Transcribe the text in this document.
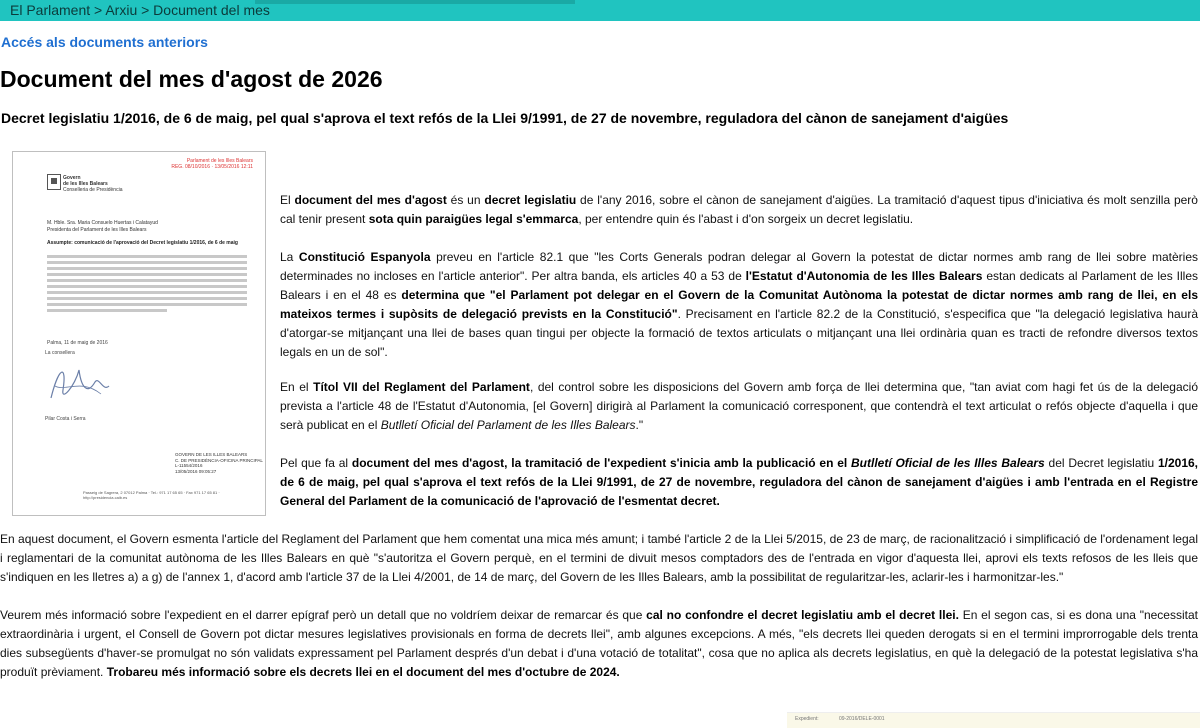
El Parlament > Arxiu > Document del mes
Accés als documents anteriors
Document del mes d'agost de 2026
Decret legislatiu 1/2016, de 6 de maig, pel qual s'aprova el text refós de la Llei 9/1991, de 27 de novembre, reguladora del cànon de sanejament d'aigües
Parlament de les Illes Balears
REG. 08/10/2016 · 13/05/2016 12:11
Govern
de les Illes Balears
Conselleria de Presidència
M. Hble. Sra. Maria Consuelo Huertas i Calatayud
Presidenta del Parlament de les Illes Balears
Assumpte: comunicació de l'aprovació del Decret legislatiu 1/2016, de 6 de maig
Palma, 11 de maig de 2016
La consellera
Pilar Costa i Serra
GOVERN DE LES ILLES BALEARS
C. DE PRESIDÈNCIA-OFICINA PRINCIPAL
L-11554/2016
13/05/2016 09:05:27
Passeig de Sagrera, 2 07012 Palma · Tel.: 971 17 65 65 · Fax 971 17 65 81 · http://presidencia.caib.es

El document del mes d'agost és un decret legislatiu de l'any 2016, sobre el cànon de sanejament d'aigües. La tramitació d'aquest tipus d'iniciativa és molt senzilla però cal tenir present sota quin paraigües legal s'emmarca, per entendre quin és l'abast i d'on sorgeix un decret legislatiu.

La Constitució Espanyola preveu en l'article 82.1 que "les Corts Generals podran delegar al Govern la potestat de dictar normes amb rang de llei sobre matèries determinades no incloses en l'article anterior". Per altra banda, els articles 40 a 53 de l'Estatut d'Autonomia de les Illes Balears estan dedicats al Parlament de les Illes Balears i en el 48 es determina que "el Parlament pot delegar en el Govern de la Comunitat Autònoma la potestat de dictar normes amb rang de llei, en els mateixos termes i supòsits de delegació prevists en la Constitució". Precisament en l'article 82.2 de la Constitució, s'especifica que "la delegació legislativa haurà d'atorgar-se mitjançant una llei de bases quan tingui per objecte la formació de textos articulats o mitjançant una llei ordinària quan es tracti de refondre diversos textos legals en un de sol".

En el Títol VII del Reglament del Parlament, del control sobre les disposicions del Govern amb força de llei determina que, "tan aviat com hagi fet ús de la delegació prevista a l'article 48 de l'Estatut d'Autonomia, [el Govern] dirigirà al Parlament la comunicació corresponent, que contendrà el text articulat o refós objecte d'aquella i que serà publicat en el Butlletí Oficial del Parlament de les Illes Balears."

Pel que fa al document del mes d'agost, la tramitació de l'expedient s'inicia amb la publicació en el Butlletí Oficial de les Illes Balears del Decret legislatiu 1/2016, de 6 de maig, pel qual s'aprova el text refós de la Llei 9/1991, de 27 de novembre, reguladora del cànon de sanejament d'aigües i amb l'entrada en el Registre General del Parlament de la comunicació de l'aprovació de l'esmentat decret.

En aquest document, el Govern esmenta l'article del Reglament del Parlament que hem comentat una mica més amunt; i també l'article 2 de la Llei 5/2015, de 23 de març, de racionalització i simplificació de l'ordenament legal i reglamentari de la comunitat autònoma de les Illes Balears en què "s'autoritza el Govern perquè, en el termini de divuit mesos comptadors des de l'entrada en vigor d'aquesta llei, aprovi els texts refosos de les lleis que s'indiquen en les lletres a) a g) de l'annex 1, d'acord amb l'article 37 de la Llei 4/2001, de 14 de març, del Govern de les Illes Balears, amb la possibilitat de regularitzar-les, aclarir-les i harmonitzar-les."

Veurem més informació sobre l'expedient en el darrer epígraf però un detall que no voldríem deixar de remarcar és que cal no confondre el decret legislatiu amb el decret llei. En el segon cas, si es dona una "necessitat extraordinària i urgent, el Consell de Govern pot dictar mesures legislatives provisionals en forma de decrets llei", amb algunes excepcions. A més, "els decrets llei queden derogats si en el termini improrrogable dels trenta dies subsegüents d'haver-se promulgat no són validats expressament pel Parlament després d'un debat i d'una votació de totalitat", cosa que no aplica als decrets legislatius, en què la delegació de la potestat legislativa s'ha produït prèviament. Trobareu més informació sobre els decrets llei en el document del mes d'octubre de 2024.

Expedient:	09-2016/DELE-0001
